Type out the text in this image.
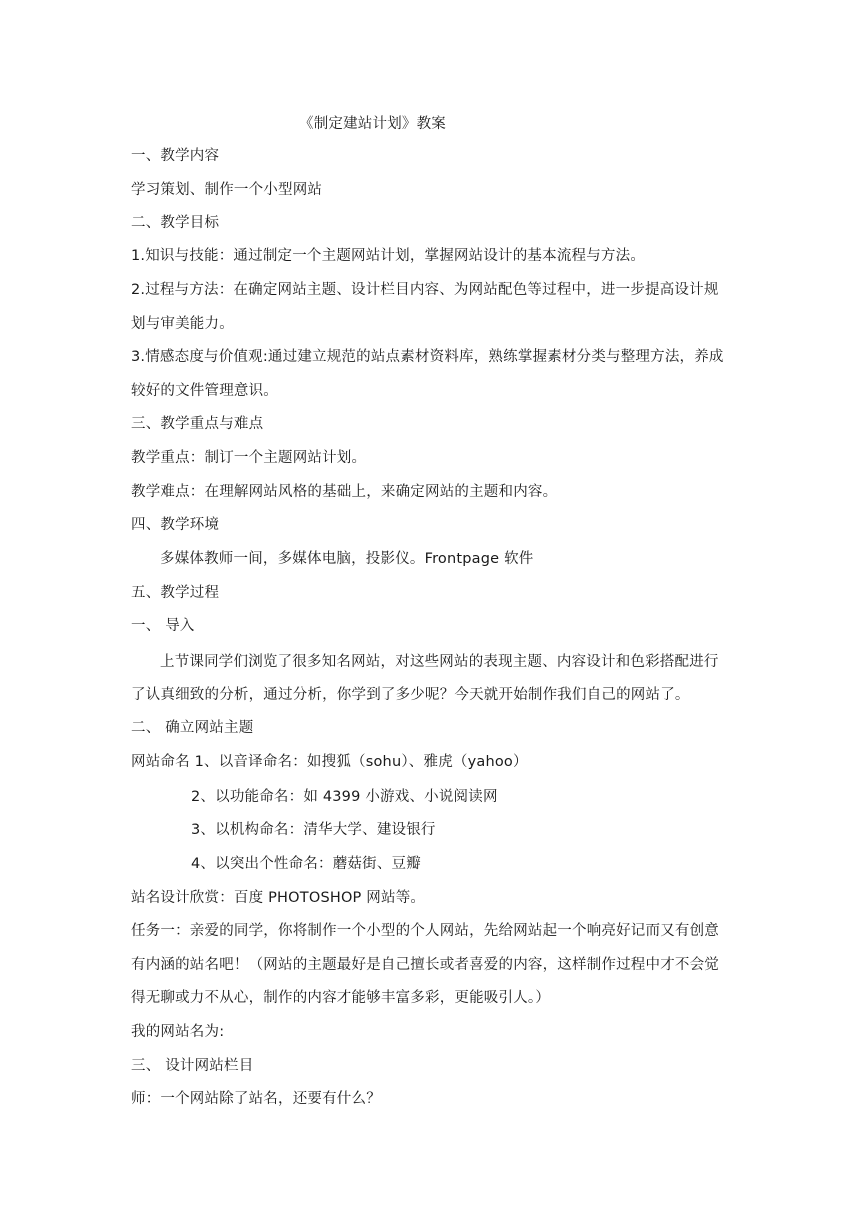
《制定建站计划》教案
一、教学内容
学习策划、制作一个小型网站
二、教学目标
1.知识与技能：通过制定一个主题网站计划，掌握网站设计的基本流程与方法。
2.过程与方法：在确定网站主题、设计栏目内容、为网站配色等过程中，进一步提高设计规
划与审美能力。
3.情感态度与价值观:通过建立规范的站点素材资料库，熟练掌握素材分类与整理方法，养成
较好的文件管理意识。
三、教学重点与难点
教学重点：制订一个主题网站计划。
教学难点：在理解网站风格的基础上，来确定网站的主题和内容。
四、教学环境
多媒体教师一间，多媒体电脑，投影仪。Frontpage 软件
五、教学过程
一、 导入
上节课同学们浏览了很多知名网站，对这些网站的表现主题、内容设计和色彩搭配进行
了认真细致的分析，通过分析，你学到了多少呢？今天就开始制作我们自己的网站了。
二、 确立网站主题
网站命名 1、以音译命名：如搜狐（sohu）、雅虎（yahoo）
2、以功能命名：如 4399 小游戏、小说阅读网
3、以机构命名：清华大学、建设银行
4、以突出个性命名：蘑菇街、豆瓣
站名设计欣赏：百度 PHOTOSHOP 网站等。
任务一：亲爱的同学，你将制作一个小型的个人网站，先给网站起一个响亮好记而又有创意
有内涵的站名吧！（网站的主题最好是自己擅长或者喜爱的内容，这样制作过程中才不会觉
得无聊或力不从心，制作的内容才能够丰富多彩，更能吸引人。）
我的网站名为:
三、 设计网站栏目
师：一个网站除了站名，还要有什么？
